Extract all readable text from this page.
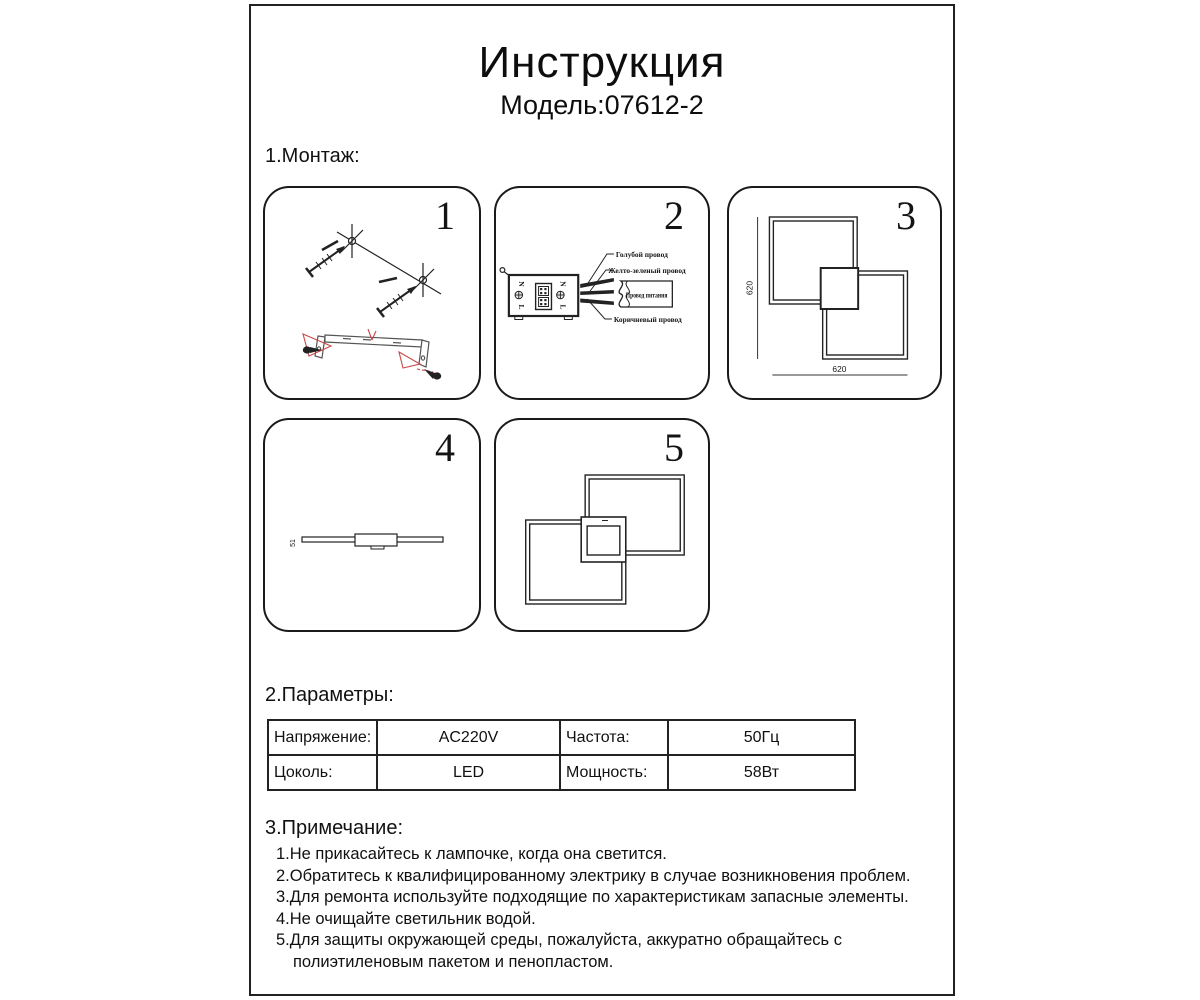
Инструкция
Модель:07612-2
1.Монтаж:
1
N	N
L	L
Голубой провод
Желто-зеленый провод
Провод питания
Коричневый провод
2
620
620
3
51
4	5
2.Параметры:
Напряжение:	AC220V	Частота:	50Гц
Цоколь:	LED	Мощность:	58Вт
3.Примечание:
1.Не прикасайтесь к лампочке, когда она светится.
2.Обратитесь к квалифицированному электрику в случае возникновения проблем.
3.Для ремонта используйте подходящие по характеристикам запасные элементы.
4.Не очищайте светильник водой.
5.Для защиты окружающей среды, пожалуйста, аккуратно обращайтесь с
полиэтиленовым пакетом и пенопластом.
